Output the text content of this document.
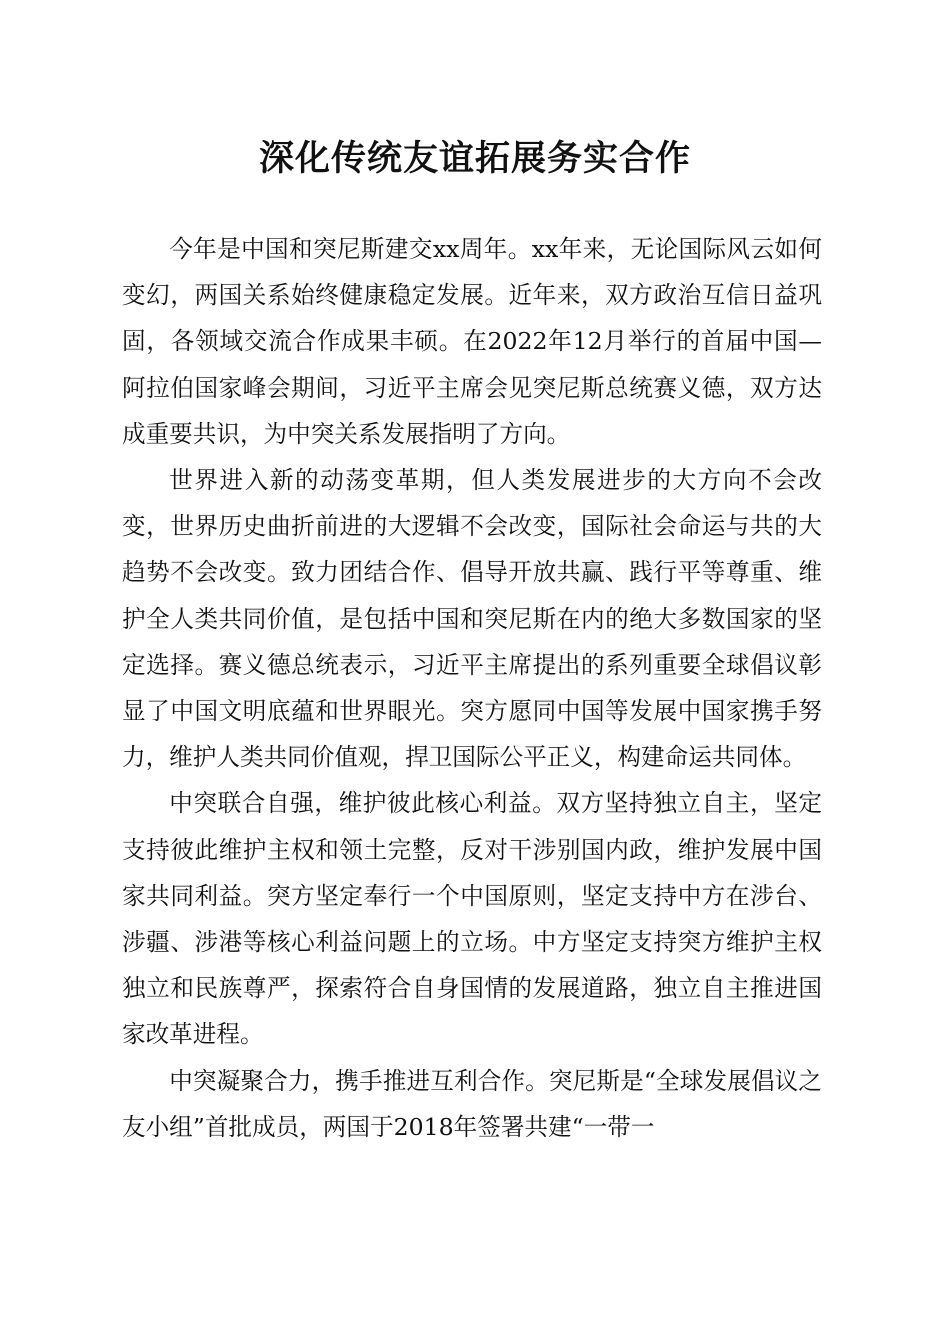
深化传统友谊拓展务实合作

今年是中国和突尼斯建交xx周年。xx年来，无论国际风云如何变幻，两国关系始终健康稳定发展。近年来，双方政治互信日益巩固，各领域交流合作成果丰硕。在2022年12月举行的首届中国—阿拉伯国家峰会期间，习近平主席会见突尼斯总统赛义德，双方达成重要共识，为中突关系发展指明了方向。

世界进入新的动荡变革期，但人类发展进步的大方向不会改变，世界历史曲折前进的大逻辑不会改变，国际社会命运与共的大趋势不会改变。致力团结合作、倡导开放共赢、践行平等尊重、维护全人类共同价值，是包括中国和突尼斯在内的绝大多数国家的坚定选择。赛义德总统表示，习近平主席提出的系列重要全球倡议彰显了中国文明底蕴和世界眼光。突方愿同中国等发展中国家携手努力，维护人类共同价值观，捍卫国际公平正义，构建命运共同体。

中突联合自强，维护彼此核心利益。双方坚持独立自主，坚定支持彼此维护主权和领土完整，反对干涉别国内政，维护发展中国家共同利益。突方坚定奉行一个中国原则，坚定支持中方在涉台、涉疆、涉港等核心利益问题上的立场。中方坚定支持突方维护主权独立和民族尊严，探索符合自身国情的发展道路，独立自主推进国家改革进程。

中突凝聚合力，携手推进互利合作。突尼斯是“全球发展倡议之友小组”首批成员，两国于2018年签署共建“一带一
